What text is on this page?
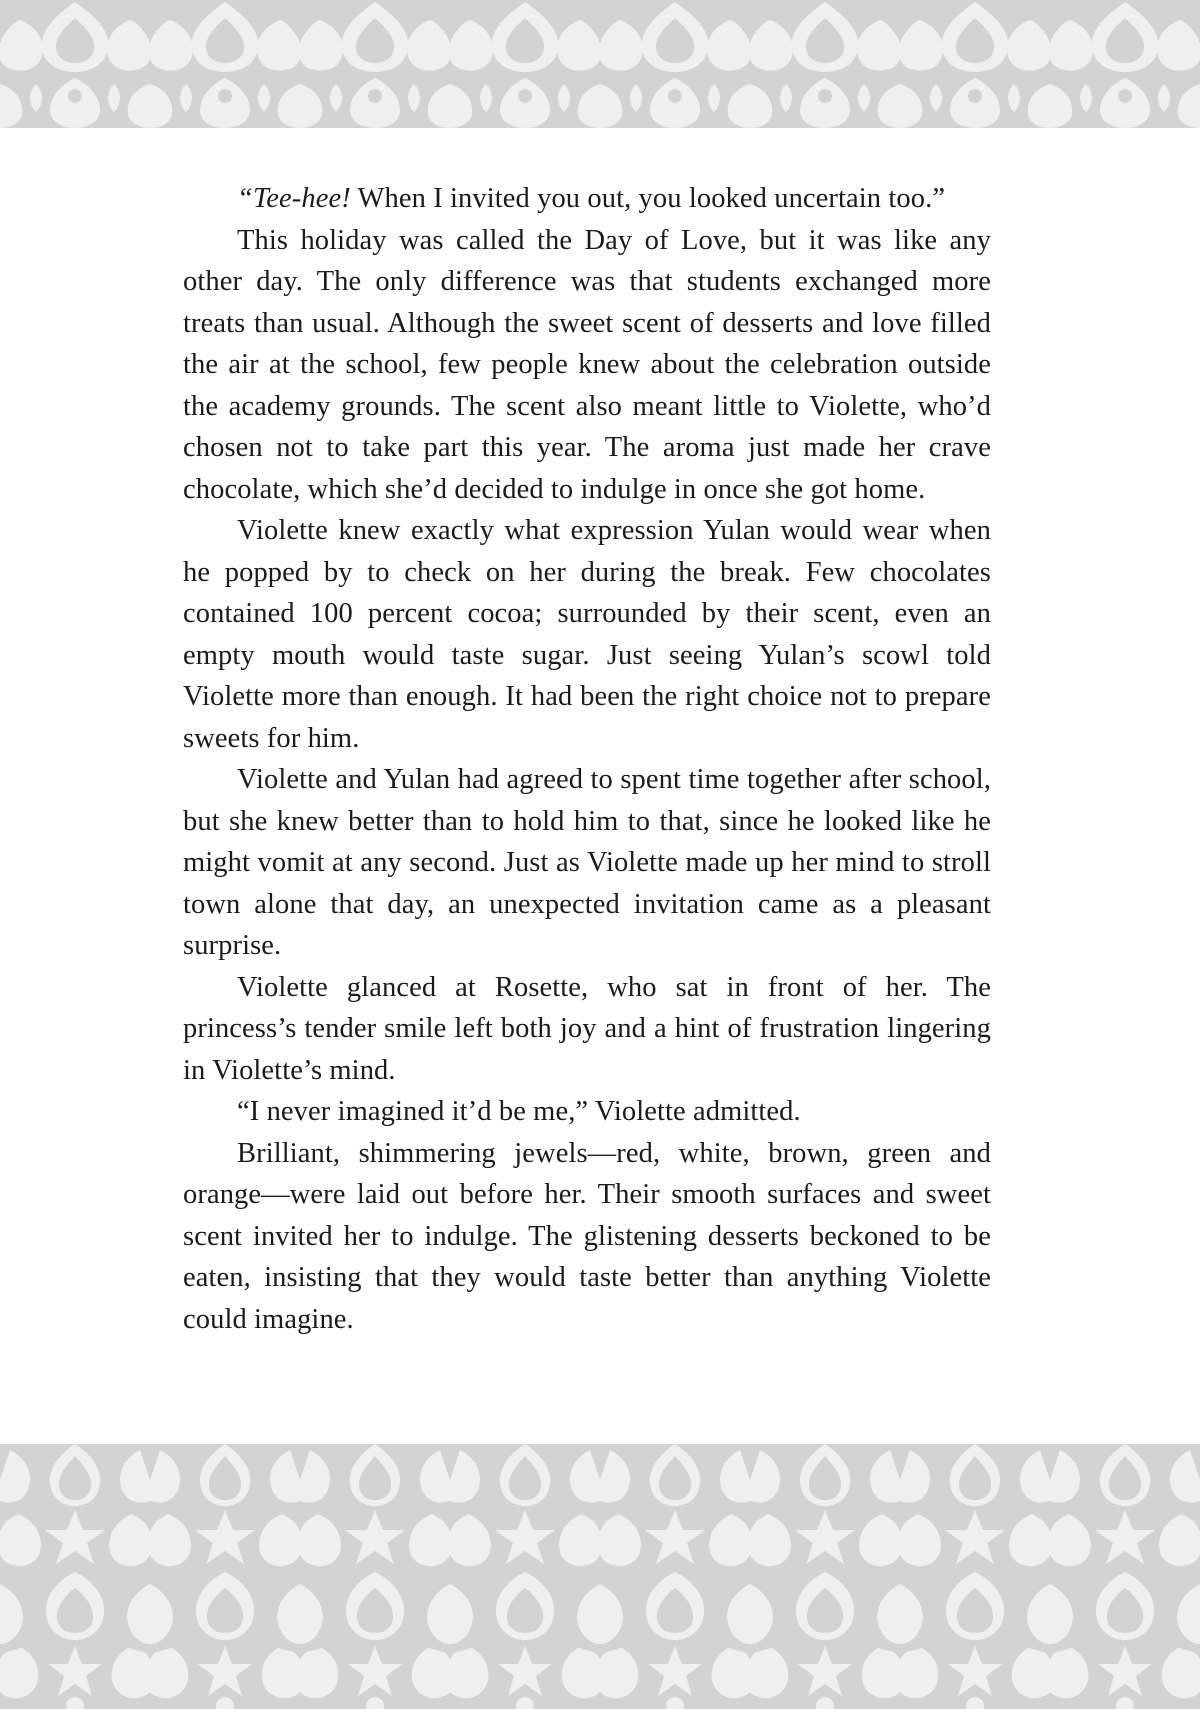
“Tee-hee! When I invited you out, you looked uncertain too.”

This holiday was called the Day of Love, but it was like any other day. The only difference was that students exchanged more treats than usual. Although the sweet scent of desserts and love filled the air at the school, few people knew about the celebration outside the academy grounds. The scent also meant little to Violette, who’d chosen not to take part this year. The aroma just made her crave chocolate, which she’d decided to indulge in once she got home.

Violette knew exactly what expression Yulan would wear when he popped by to check on her during the break. Few chocolates contained 100 percent cocoa; surrounded by their scent, even an empty mouth would taste sugar. Just seeing Yulan’s scowl told Violette more than enough. It had been the right choice not to prepare sweets for him.

Violette and Yulan had agreed to spent time together after school, but she knew better than to hold him to that, since he looked like he might vomit at any second. Just as Violette made up her mind to stroll town alone that day, an unexpected invitation came as a pleasant surprise.

Violette glanced at Rosette, who sat in front of her. The princess’s tender smile left both joy and a hint of frustration lingering in Violette’s mind.

“I never imagined it’d be me,” Violette admitted.

Brilliant, shimmering jewels—red, white, brown, green and orange—were laid out before her. Their smooth surfaces and sweet scent invited her to indulge. The glistening desserts beckoned to be eaten, insisting that they would taste better than anything Violette could imagine.
